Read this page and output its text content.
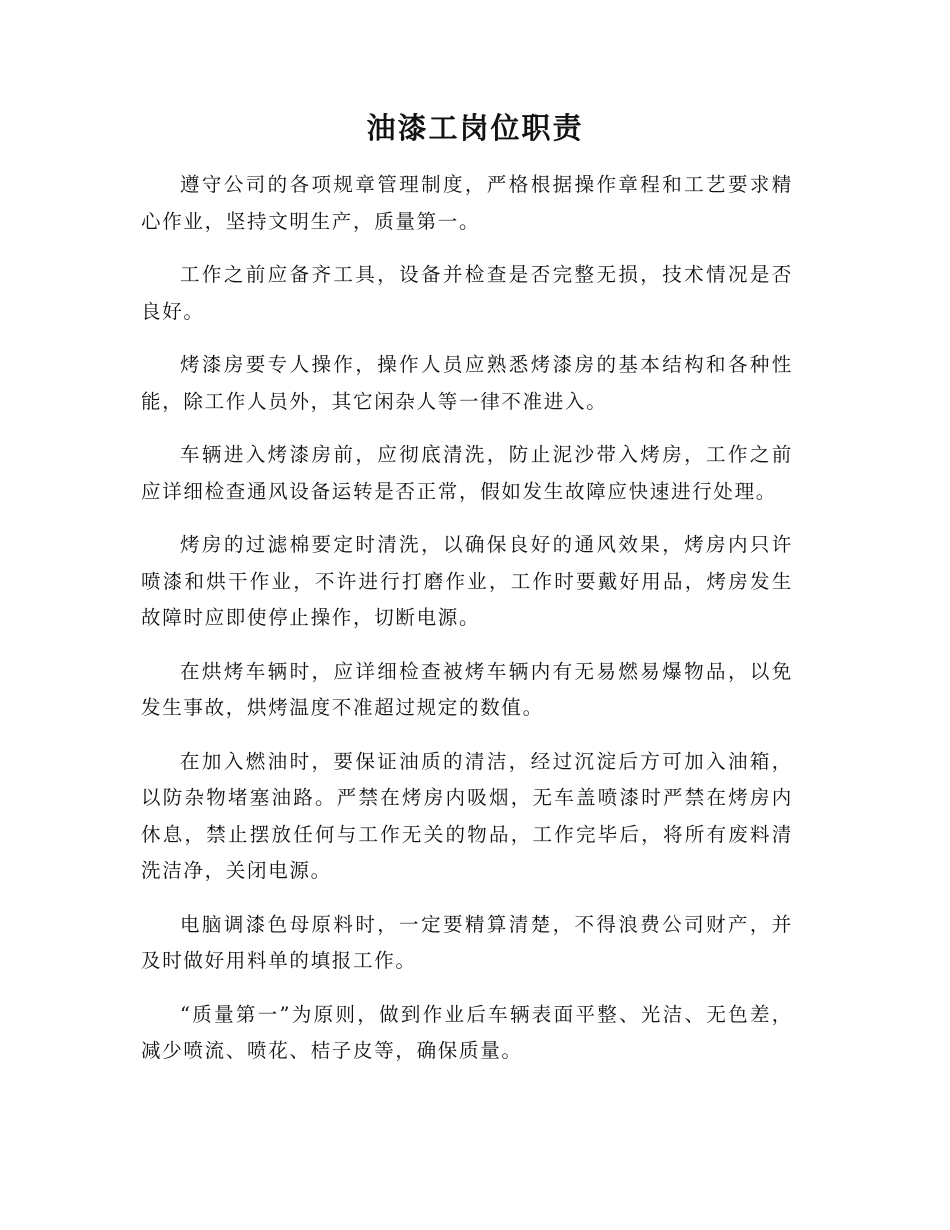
油漆工岗位职责

遵守公司的各项规章管理制度，严格根据操作章程和工艺要求精心作业，坚持文明生产，质量第一。

工作之前应备齐工具，设备并检查是否完整无损，技术情况是否良好。

烤漆房要专人操作，操作人员应熟悉烤漆房的基本结构和各种性能，除工作人员外，其它闲杂人等一律不准进入。

车辆进入烤漆房前，应彻底清洗，防止泥沙带入烤房，工作之前应详细检查通风设备运转是否正常，假如发生故障应快速进行处理。

烤房的过滤棉要定时清洗，以确保良好的通风效果，烤房内只许喷漆和烘干作业，不许进行打磨作业，工作时要戴好用品，烤房发生故障时应即使停止操作，切断电源。

在烘烤车辆时，应详细检查被烤车辆内有无易燃易爆物品，以免发生事故，烘烤温度不准超过规定的数值。

在加入燃油时，要保证油质的清洁，经过沉淀后方可加入油箱，以防杂物堵塞油路。严禁在烤房内吸烟，无车盖喷漆时严禁在烤房内休息，禁止摆放任何与工作无关的物品，工作完毕后，将所有废料清洗洁净，关闭电源。

电脑调漆色母原料时，一定要精算清楚，不得浪费公司财产，并及时做好用料单的填报工作。

“质量第一”为原则，做到作业后车辆表面平整、光洁、无色差，减少喷流、喷花、桔子皮等，确保质量。
